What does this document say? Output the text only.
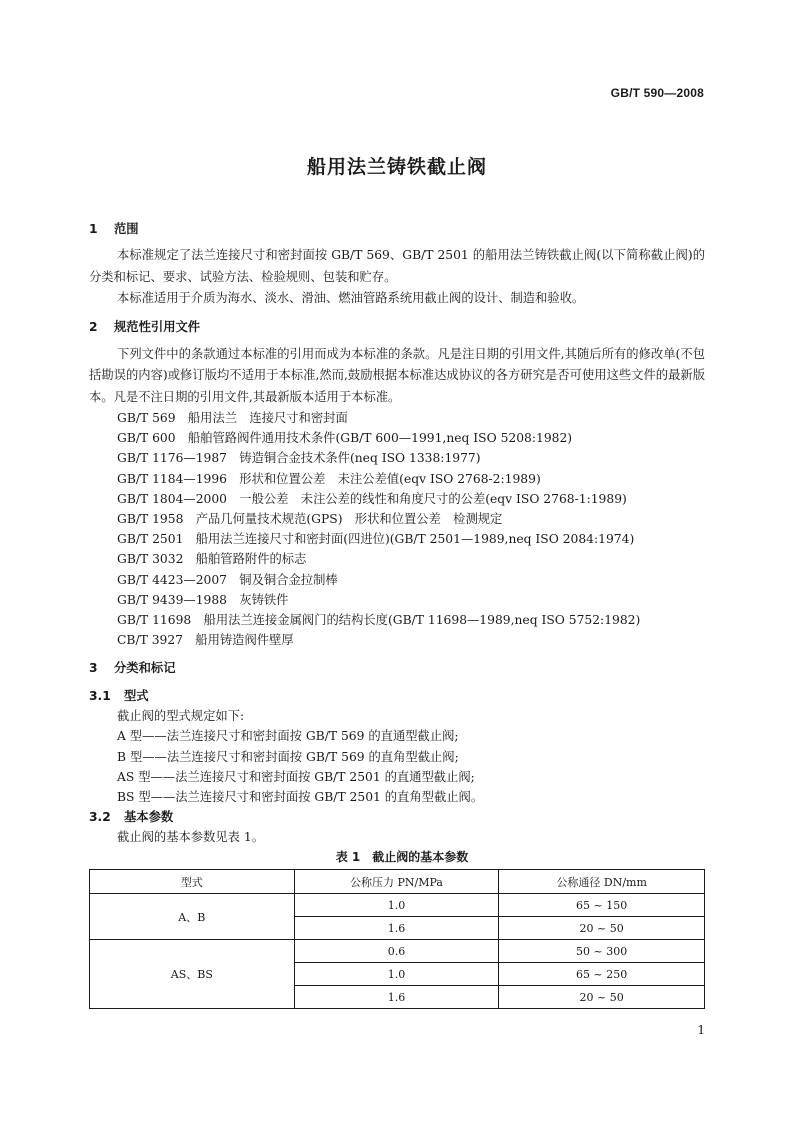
GB/T 590—2008
船用法兰铸铁截止阀
1 范围
本标准规定了法兰连接尺寸和密封面按 GB/T 569、GB/T 2501 的船用法兰铸铁截止阀(以下简称截止阀)的分类和标记、要求、试验方法、检验规则、包装和贮存。
本标准适用于介质为海水、淡水、滑油、燃油管路系统用截止阀的设计、制造和验收。
2 规范性引用文件
下列文件中的条款通过本标准的引用而成为本标准的条款。凡是注日期的引用文件,其随后所有的修改单(不包括勘误的内容)或修订版均不适用于本标准,然而,鼓励根据本标准达成协议的各方研究是否可使用这些文件的最新版本。凡是不注日期的引用文件,其最新版本适用于本标准。
GB/T 569　船用法兰　连接尺寸和密封面
GB/T 600　船舶管路阀件通用技术条件(GB/T 600—1991,neq ISO 5208:1982)
GB/T 1176—1987　铸造铜合金技术条件(neq ISO 1338:1977)
GB/T 1184—1996　形状和位置公差　未注公差值(eqv ISO 2768-2:1989)
GB/T 1804—2000　一般公差　未注公差的线性和角度尺寸的公差(eqv ISO 2768-1:1989)
GB/T 1958　产品几何量技术规范(GPS)　形状和位置公差　检测规定
GB/T 2501　船用法兰连接尺寸和密封面(四进位)(GB/T 2501—1989,neq ISO 2084:1974)
GB/T 3032　船舶管路附件的标志
GB/T 4423—2007　铜及铜合金拉制棒
GB/T 9439—1988　灰铸铁件
GB/T 11698　船用法兰连接金属阀门的结构长度(GB/T 11698—1989,neq ISO 5752:1982)
CB/T 3927　船用铸造阀件壁厚
3 分类和标记
3.1 型式
截止阀的型式规定如下:
A 型——法兰连接尺寸和密封面按 GB/T 569 的直通型截止阀;
B 型——法兰连接尺寸和密封面按 GB/T 569 的直角型截止阀;
AS 型——法兰连接尺寸和密封面按 GB/T 2501 的直通型截止阀;
BS 型——法兰连接尺寸和密封面按 GB/T 2501 的直角型截止阀。
3.2 基本参数
截止阀的基本参数见表 1。
表 1　截止阀的基本参数
型式	公称压力 PN/MPa	公称通径 DN/mm
A、B	1.0	65 ~ 150
	1.6	20 ~ 50
AS、BS	0.6	50 ~ 300
	1.0	65 ~ 250
	1.6	20 ~ 50
1
